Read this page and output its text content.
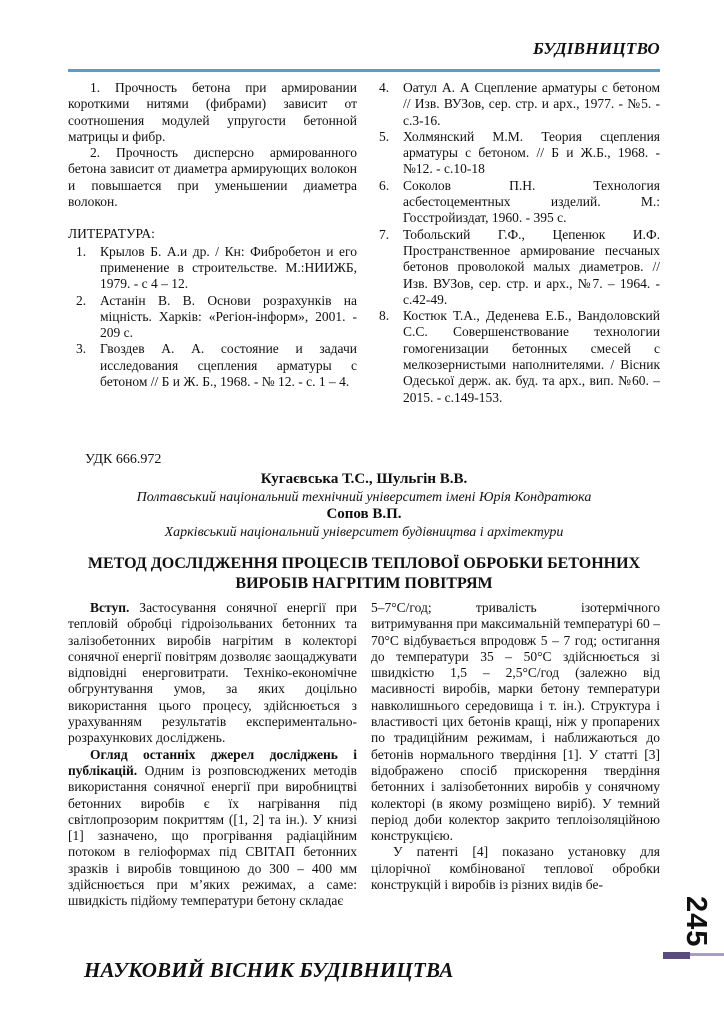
БУДІВНИЦТВО

1. Прочность бетона при армировании короткими нитями (фибрами) зависит от соотношения модулей упругости бетонной матрицы и фибр.

2. Прочность дисперсно армированного бетона зависит от диаметра армирующих волокон и повышается при уменьшении диаметра волокон.

ЛИТЕРАТУРА:

1.	Крылов Б. А.и др. / Кн: Фибробетон и его применение в строительстве. М.:НИИЖБ, 1979. - с 4 – 12.
2.	Астанін В. В. Основи розрахунків на міцність. Харків: «Регіон-інформ», 2001. - 209 с.
3.	Гвоздев А. А. состояние и задачи исследования сцепления арматуры с бетоном // Б и Ж. Б., 1968. - № 12. - с. 1 – 4.
4.	Оатул А. А Сцепление арматуры с бетоном // Изв. ВУЗов, сер. стр. и арх., 1977. - №5. - с.3-16.
5.	Холмянский М.М. Теория сцепления арматуры с бетоном. // Б и Ж.Б., 1968. - №12. - с.10-18
6.	Соколов П.Н. Технология асбестоцементных изделий. М.: Госстройиздат, 1960. - 395 с.
7.	Тобольский Г.Ф., Цепенюк И.Ф. Пространственное армирование песчаных бетонов проволокой малых диаметров. // Изв. ВУЗов, сер. стр. и арх., №7. – 1964. - с.42-49.
8.	Костюк Т.А., Деденева Е.Б., Вандоловский С.С. Совершенствование технологии гомогенизации бетонных смесей с мелкозернистыми наполнителями. / Вісник Одеської держ. ак. буд. та арх., вип. №60. – 2015. - с.149-153.

УДК 666.972

Кугаєвська Т.С., Шульгін В.В.

Полтавський національний технічний університет імені Юрія Кондратюка

Сопов В.П.

Харківський національний університет будівництва і архітектури

МЕТОД ДОСЛІДЖЕННЯ ПРОЦЕСІВ ТЕПЛОВОЇ ОБРОБКИ БЕТОННИХ ВИРОБІВ НАГРІТИМ ПОВІТРЯМ

Вступ. Застосування сонячної енергії при тепловій обробці гідроізольваних бетонних та залізобетонних виробів нагрітим в колекторі сонячної енергії повітрям дозволяє заощаджувати відповідні енерговитрати. Техніко-економічне обгрунтування умов, за яких доцільно використання цього процесу, здійснюється з урахуванням результатів експериментально-розрахункових досліджень.

Огляд останніх джерел досліджень і публікацій. Одним із розповсюджених методів використання сонячної енергії при виробництві бетонних виробів є їх нагрівання під світлопрозорим покриттям ([1, 2] та ін.). У книзі [1] зазначено, що прогрівання радіаційним потоком в геліоформах під СВІТАП бетонних зразків і виробів товщиною до 300 – 400 мм здійснюється при м’яких режимах, а саме: швидкість підйому температури бетону складає

5–7°С/год; тривалість ізотермічного витримування при максимальній температурі 60 – 70°С відбувається впродовж 5 – 7 год; остигання до температури 35 – 50°С здійснюється зі швидкістю 1,5 – 2,5°С/год (залежно від масивності виробів, марки бетону температури навколишнього середовища і т. ін.). Структура і властивості цих бетонів кращі, ніж у пропарених по традиційним режимам, і наближаються до бетонів нормального твердіння [1]. У статті [3] відображено спосіб прискорення твердіння бетонних і залізобетонних виробів у сонячному колекторі (в якому розміщено виріб). У темний період доби колектор закрито теплоізоляційною конструкцією.

У патенті [4] показано установку для цілорічної комбінованої теплової обробки конструкцій і виробів із різних видів бе-

НАУКОВИЙ ВІСНИК БУДІВНИЦТВА
245
